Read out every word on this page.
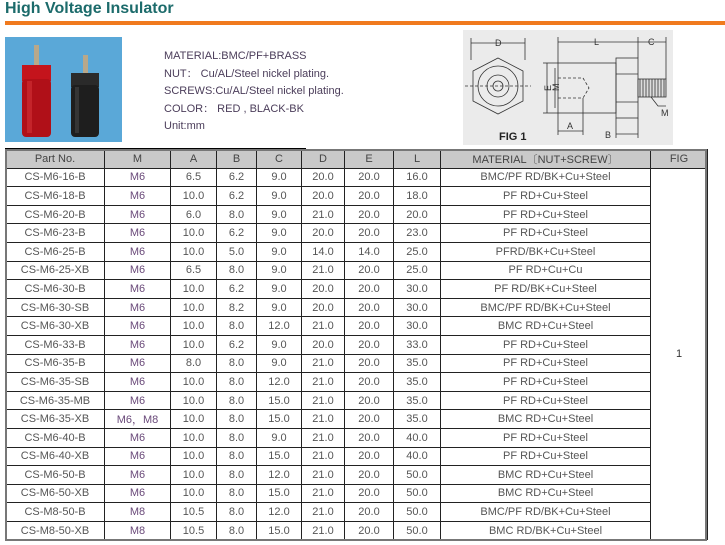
High Voltage Insulator
MATERIAL:BMC/PF+BRASS
NUT： Cu/AL/Steel nickel plating.
SCREWS:Cu/AL/Steel nickel plating.
COLOR： RED , BLACK-BK
Unit:mm
D	L	C
E
M
M
A
B
FIG 1
Part No.	M	A	B	C	D	E	L	MATERIAL〔NUT+SCREW〕	FIG
CS-M6-16-B	M6	6.5	6.2	9.0	20.0	20.0	16.0	BMC/PF RD/BK+Cu+Steel	1
CS-M6-18-B	M6	10.0	6.2	9.0	20.0	20.0	18.0	PF RD+Cu+Steel	
CS-M6-20-B	M6	6.0	8.0	9.0	21.0	20.0	20.0	PF RD+Cu+Steel	
CS-M6-23-B	M6	10.0	6.2	9.0	20.0	20.0	23.0	PF RD+Cu+Steel	
CS-M6-25-B	M6	10.0	5.0	9.0	14.0	14.0	25.0	PFRD/BK+Cu+Steel	
CS-M6-25-XB	M6	6.5	8.0	9.0	21.0	20.0	25.0	PF RD+Cu+Cu	
CS-M6-30-B	M6	10.0	6.2	9.0	20.0	20.0	30.0	PF RD/BK+Cu+Steel	
CS-M6-30-SB	M6	10.0	8.2	9.0	20.0	20.0	30.0	BMC/PF RD/BK+Cu+Steel	
CS-M6-30-XB	M6	10.0	8.0	12.0	21.0	20.0	30.0	BMC RD+Cu+Steel	
CS-M6-33-B	M6	10.0	6.2	9.0	20.0	20.0	33.0	PF RD+Cu+Steel	
CS-M6-35-B	M6	8.0	8.0	9.0	21.0	20.0	35.0	PF RD+Cu+Steel	
CS-M6-35-SB	M6	10.0	8.0	12.0	21.0	20.0	35.0	PF RD+Cu+Steel	
CS-M6-35-MB	M6	10.0	8.0	15.0	21.0	20.0	35.0	PF RD+Cu+Steel	
CS-M6-35-XB	M6，M8	10.0	8.0	15.0	21.0	20.0	35.0	BMC RD+Cu+Steel	
CS-M6-40-B	M6	10.0	8.0	9.0	21.0	20.0	40.0	PF RD+Cu+Steel	
CS-M6-40-XB	M6	10.0	8.0	15.0	21.0	20.0	40.0	PF RD+Cu+Steel	
CS-M6-50-B	M6	10.0	8.0	12.0	21.0	20.0	50.0	BMC RD+Cu+Steel	
CS-M6-50-XB	M6	10.0	8.0	15.0	21.0	20.0	50.0	BMC RD+Cu+Steel	
CS-M8-50-B	M8	10.5	8.0	12.0	21.0	20.0	50.0	BMC/PF RD/BK+Cu+Steel	
CS-M8-50-XB	M8	10.5	8.0	15.0	21.0	20.0	50.0	BMC RD/BK+Cu+Steel	
